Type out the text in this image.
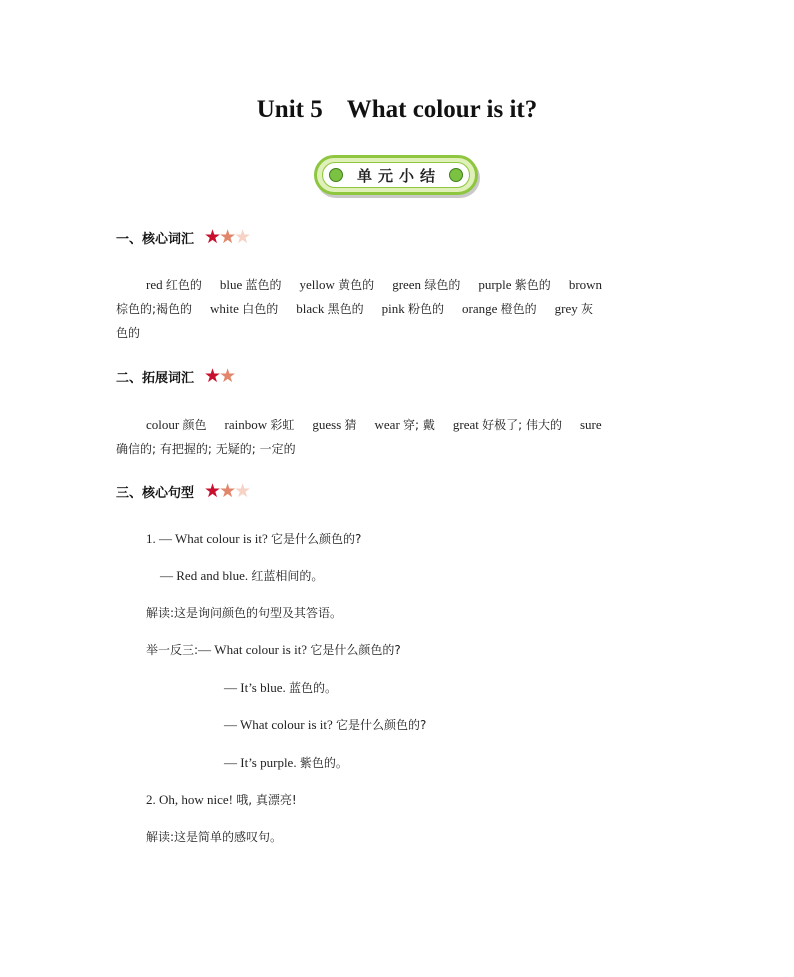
Unit 5 What colour is it?
单元小结
一、核心词汇 ★
★
★
red 红色的 blue 蓝色的 yellow 黄色的 green 绿色的 purple 紫色的 brown
棕色的;褐色的 white 白色的 black 黑色的 pink 粉色的 orange 橙色的 grey 灰
色的
二、拓展词汇 ★
★
colour 颜色 rainbow 彩虹 guess 猜 wear 穿; 戴 great 好极了; 伟大的 sure
确信的; 有把握的; 无疑的; 一定的
三、核心句型 ★
★
★
1. — What colour is it? 它是什么颜色的?
— Red and blue. 红蓝相间的。
解读:这是询问颜色的句型及其答语。
举一反三:— What colour is it? 它是什么颜色的?
— It’s blue. 蓝色的。
— What colour is it? 它是什么颜色的?
— It’s purple. 紫色的。
2. Oh, how nice! 哦, 真漂亮!
解读:这是简单的感叹句。
